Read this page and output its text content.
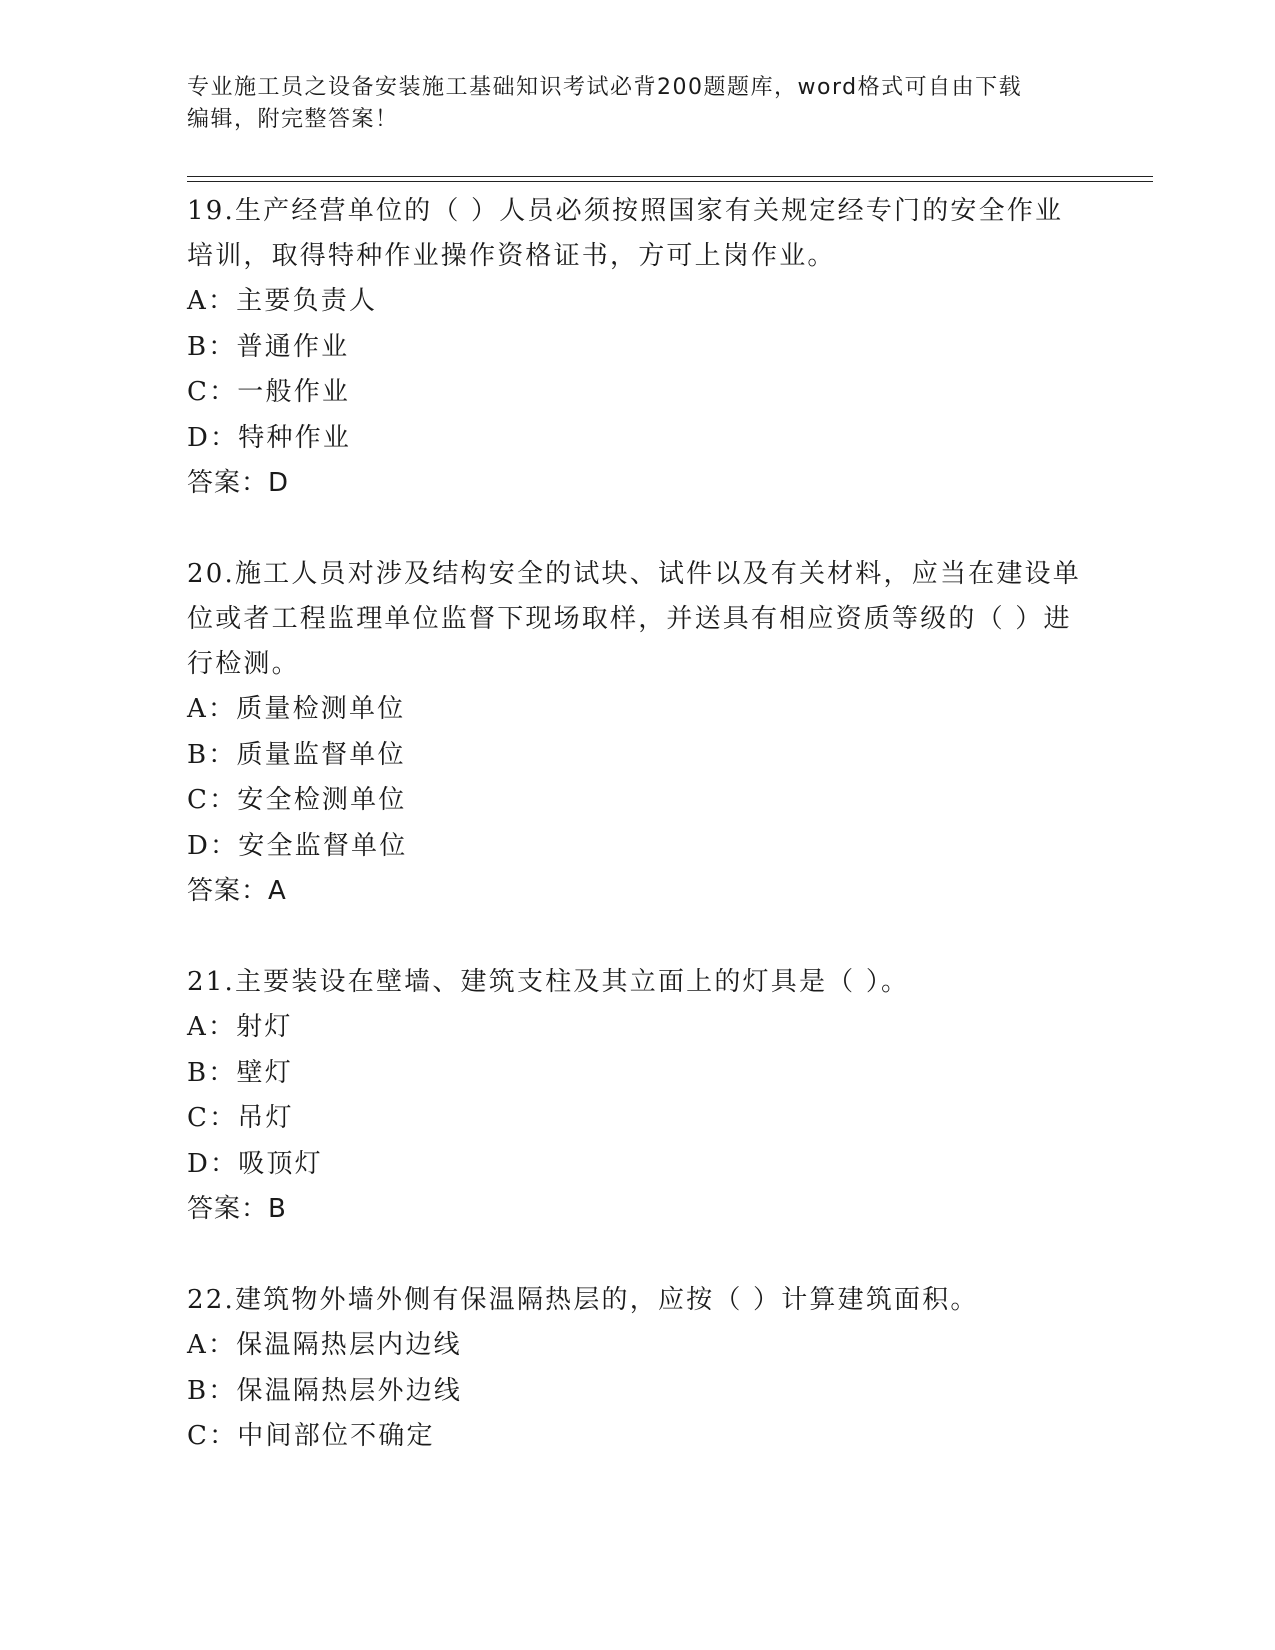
专业施工员之设备安装施工基础知识考试必背200题题库，word格式可自由下载
编辑，附完整答案！

19.生产经营单位的（ ）人员必须按照国家有关规定经专门的安全作业培训，取得特种作业操作资格证书，方可上岗作业。

A：主要负责人

B：普通作业

C：一般作业

D：特种作业

答案：D

20.施工人员对涉及结构安全的试块、试件以及有关材料，应当在建设单位或者工程监理单位监督下现场取样，并送具有相应资质等级的（ ）进行检测。

A：质量检测单位

B：质量监督单位

C：安全检测单位

D：安全监督单位

答案：A

21.主要装设在壁墙、建筑支柱及其立面上的灯具是（ ）。

A：射灯

B：壁灯

C：吊灯

D：吸顶灯

答案：B

22.建筑物外墙外侧有保温隔热层的，应按（ ）计算建筑面积。

A：保温隔热层内边线

B：保温隔热层外边线

C：中间部位不确定
